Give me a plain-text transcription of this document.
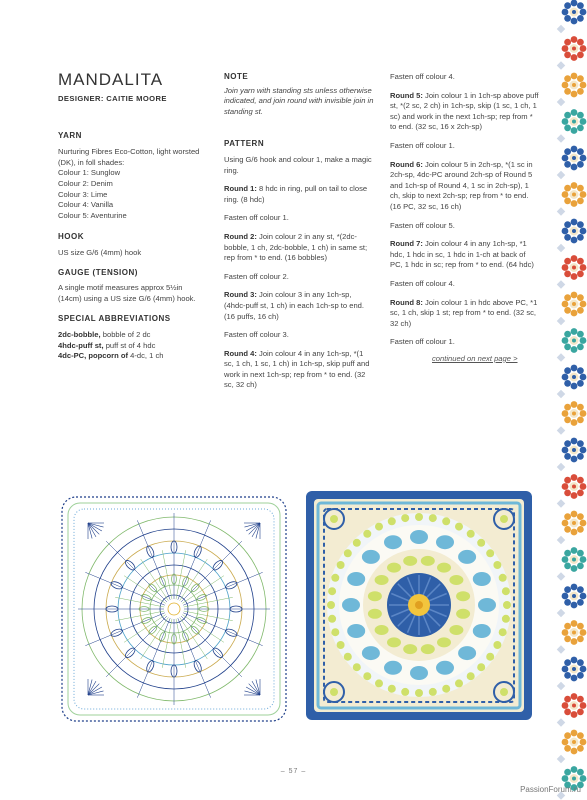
MANDALITA
DESIGNER: CAITIE MOORE
YARN

Nurturing Fibres Eco-Cotton, light worsted (DK), in foll shades:

Colour 1: Sunglow

Colour 2: Denim

Colour 3: Lime

Colour 4: Vanilla

Colour 5: Aventurine

HOOK

US size G/6 (4mm) hook

GAUGE (TENSION)

A single motif measures approx 5½in (14cm) using a US size G/6 (4mm) hook.

SPECIAL ABBREVIATIONS

2dc-bobble, bobble of 2 dc

4hdc-puff st, puff st of 4 hdc

4dc-PC, popcorn of 4-dc, 1 ch

NOTE

Join yarn with standing sts unless otherwise indicated, and join round with invisible join in standing st.

PATTERN

Using G/6 hook and colour 1, make a magic ring.

Round 1: 8 hdc in ring, pull on tail to close ring. (8 hdc)

Fasten off colour 1.

Round 2: Join colour 2 in any st, *(2dc-bobble, 1 ch, 2dc-bobble, 1 ch) in same st; rep from * to end. (16 bobbles)

Fasten off colour 2.

Round 3: Join colour 3 in any 1ch-sp, (4hdc-puff st, 1 ch) in each 1ch-sp to end. (16 puffs, 16 ch)

Fasten off colour 3.

Round 4: Join colour 4 in any 1ch-sp, *(1 sc, 1 ch, 1 sc, 1 ch) in 1ch-sp, skip puff and work in next 1ch-sp; rep from * to end. (32 sc, 32 ch)

Fasten off colour 4.

Round 5: Join colour 1 in 1ch-sp above puff st, *(2 sc, 2 ch) in 1ch-sp, skip (1 sc, 1 ch, 1 sc) and work in the next 1ch-sp; rep from * to end. (32 sc, 16 x 2ch-sp)

Fasten off colour 1.

Round 6: Join colour 5 in 2ch-sp, *(1 sc in 2ch-sp, 4dc-PC around 2ch-sp of Round 5 and 1ch-sp of Round 4, 1 sc in 2ch-sp), 1 ch, skip to next 2ch-sp; rep from * to end. (16 PC, 32 sc, 16 ch)

Fasten off colour 5.

Round 7: Join colour 4 in any 1ch-sp, *1 hdc, 1 hdc in sc, 1 hdc in 1-ch at back of PC, 1 hdc in sc; rep from * to end. (64 hdc)

Fasten off colour 4.

Round 8: Join colour 1 in hdc above PC, *1 sc, 1 ch, skip 1 st; rep from * to end. (32 sc, 32 ch)

Fasten off colour 1.

continued on next page >
– 57 –
PassionForum.ru
